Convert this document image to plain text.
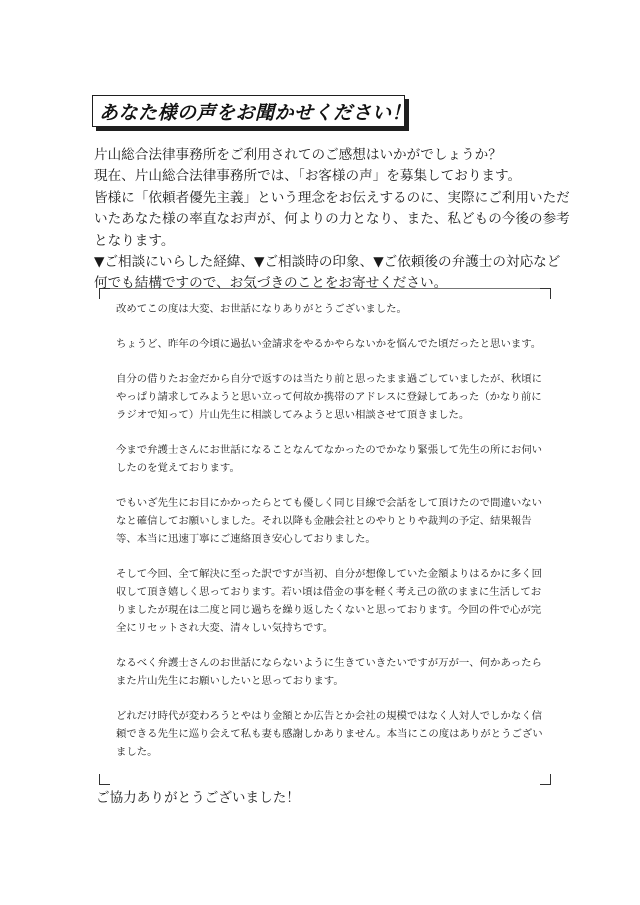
あなた様の声をお聞かせください！

片山総合法律事務所をご利用されてのご感想はいかがでしょうか？

現在、片山総合法律事務所では、「お客様の声」を募集しております。

皆様に「依頼者優先主義」という理念をお伝えするのに、実際にご利用いただ

いたあなた様の率直なお声が、何よりの力となり、また、私どもの今後の参考

となります。

▼ご相談にいらした経緯、▼ご相談時の印象、▼ご依頼後の弁護士の対応など

何でも結構ですので、お気づきのことをお寄せください。

改めてこの度は大変、お世話になりありがとうございました。

ちょうど、昨年の今頃に過払い金請求をやるかやらないかを悩んでた頃だったと思います。

自分の借りたお金だから自分で返すのは当たり前と思ったまま過ごしていましたが、秋頃に
やっぱり請求してみようと思い立って何故か携帯のアドレスに登録してあった（かなり前に
ラジオで知って）片山先生に相談してみようと思い相談させて頂きました。

今まで弁護士さんにお世話になることなんてなかったのでかなり緊張して先生の所にお伺い
したのを覚えております。

でもいざ先生にお目にかかったらとても優しく同じ目線で会話をして頂けたので間違いない
なと確信してお願いしました。それ以降も金融会社とのやりとりや裁判の予定、結果報告
等、本当に迅速丁寧にご連絡頂き安心しておりました。

そして今回、全て解決に至った訳ですが当初、自分が想像していた金額よりはるかに多く回
収して頂き嬉しく思っております。若い頃は借金の事を軽く考え己の欲のままに生活してお
りましたが現在は二度と同じ過ちを繰り返したくないと思っております。今回の件で心が完
全にリセットされ大変、清々しい気持ちです。

なるべく弁護士さんのお世話にならないように生きていきたいですが万が一、何かあったら
また片山先生にお願いしたいと思っております。

どれだけ時代が変わろうとやはり金額とか広告とか会社の規模ではなく人対人でしかなく信
頼できる先生に巡り会えて私も妻も感謝しかありません。本当にこの度はありがとうござい
ました。

ご協力ありがとうございました！
